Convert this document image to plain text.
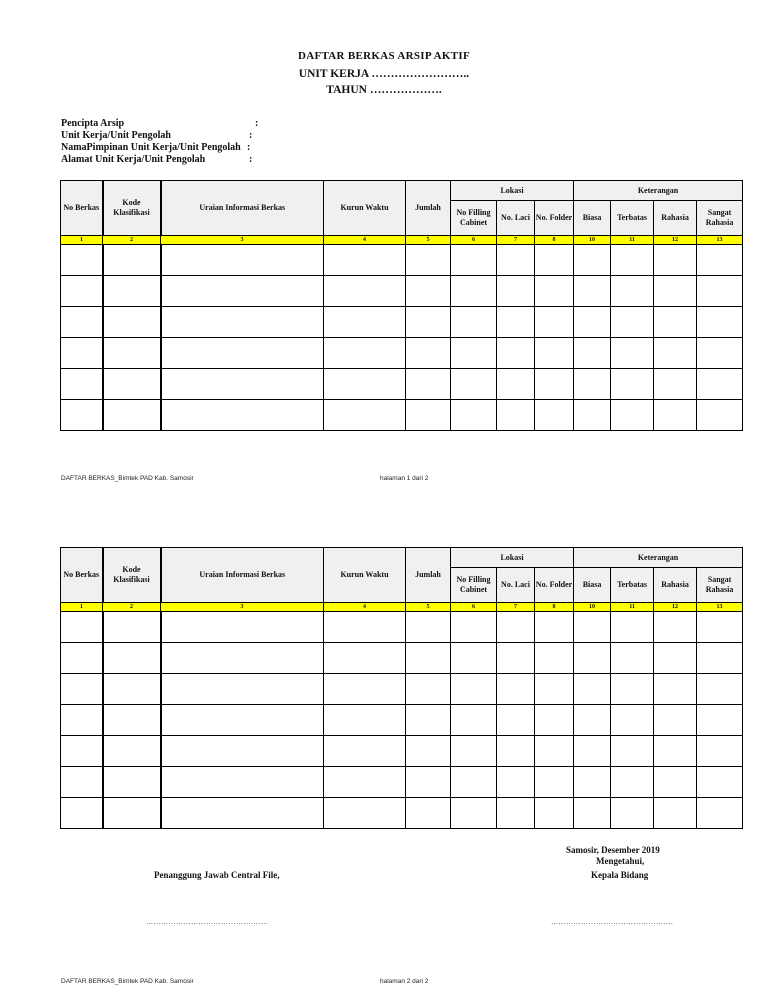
DAFTAR BERKAS ARSIP AKTIF
UNIT KERJA ……………………..
TAHUN ……………….
Pencipta Arsip	:
Unit Kerja/Unit Pengolah	:
NamaPimpinan Unit Kerja/Unit Pengolah :
Alamat Unit Kerja/Unit Pengolah	:
No Berkas	Kode Klasifikasi	Uraian Informasi Berkas	Kurun Waktu	Jumlah	Lokasi			Keterangan			
					No Filling Cabinet	No. Laci	No. Folder	Biasa	Terbatas	Rahasia	Sangat Rahasia
1	2	3	4	5	6	7	8	10	11	12	13

DAFTAR BERKAS_Bimtek PAD Kab. Samosir	halaman 1 dari 2
No Berkas	Kode Klasifikasi	Uraian Informasi Berkas	Kurun Waktu	Jumlah	Lokasi			Keterangan			
					No Filling Cabinet	No. Laci	No. Folder	Biasa	Terbatas	Rahasia	Sangat Rahasia
1	2	3	4	5	6	7	8	10	11	12	13

Samosir, Desember 2019
Mengetahui,
Kepala Bidang
Penanggung Jawab Central File,
………………………………………….	………………………………………….
DAFTAR BERKAS_Bimtek PAD Kab. Samosir	halaman 2 dari 2
